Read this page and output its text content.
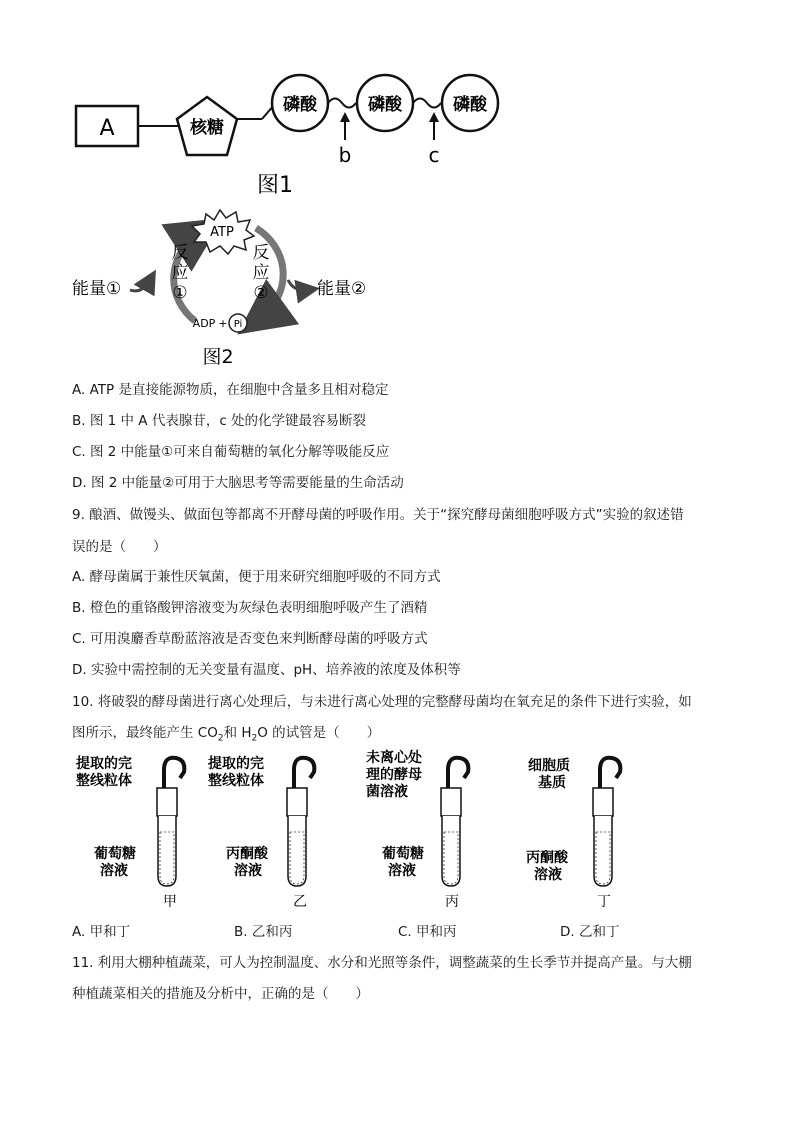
A	核糖
磷酸	磷酸	磷酸
b	c
图1
ATP
ADP + Pi
反
应
①
反
应
②
能量①	能量②
图2
A. ATP 是直接能源物质，在细胞中含量多且相对稳定
B. 图 1 中 A 代表腺苷，c 处的化学键最容易断裂
C. 图 2 中能量①可来自葡萄糖的氧化分解等吸能反应
D. 图 2 中能量②可用于大脑思考等需要能量的生命活动
9. 酿酒、做馒头、做面包等都离不开酵母菌的呼吸作用。关于“探究酵母菌细胞呼吸方式”实验的叙述错
误的是（　　）
A. 酵母菌属于兼性厌氧菌，便于用来研究细胞呼吸的不同方式
B. 橙色的重铬酸钾溶液变为灰绿色表明细胞呼吸产生了酒精
C. 可用溴麝香草酚蓝溶液是否变色来判断酵母菌的呼吸方式
D. 实验中需控制的无关变量有温度、pH、培养液的浓度及体积等
10. 将破裂的酵母菌进行离心处理后，与未进行离心处理的完整酵母菌均在氧充足的条件下进行实验，如
图所示，最终能产生 $CO_2$和 $H_2O$ 的试管是（　　）
提取的完
整线粒体
葡萄糖
溶液
甲
提取的完
整线粒体
丙酮酸
溶液
乙
未离心处
理的酵母
菌溶液
葡萄糖
溶液
丙
细胞质
基质
丙酮酸
溶液
丁
A. 甲和丁	B. 乙和丙	C. 甲和丙	D. 乙和丁
11. 利用大棚种植蔬菜，可人为控制温度、水分和光照等条件，调整蔬菜的生长季节并提高产量。与大棚
种植蔬菜相关的措施及分析中，正确的是（　　）
